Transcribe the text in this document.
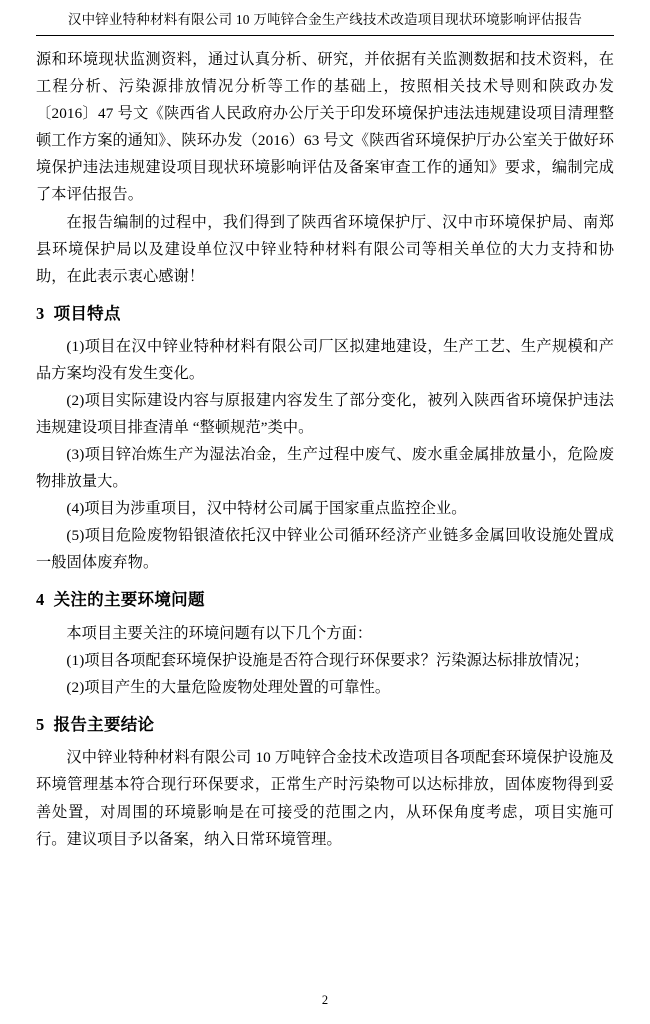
汉中锌业特种材料有限公司 10 万吨锌合金生产线技术改造项目现状环境影响评估报告

源和环境现状监测资料，通过认真分析、研究，并依据有关监测数据和技术资料，在工程分析、污染源排放情况分析等工作的基础上，按照相关技术导则和陕政办发〔2016〕47 号文《陕西省人民政府办公厅关于印发环境保护违法违规建设项目清理整顿工作方案的通知》、陕环办发（2016）63 号文《陕西省环境保护厅办公室关于做好环境保护违法违规建设项目现状环境影响评估及备案审查工作的通知》要求，编制完成了本评估报告。

在报告编制的过程中，我们得到了陕西省环境保护厅、汉中市环境保护局、南郑县环境保护局以及建设单位汉中锌业特种材料有限公司等相关单位的大力支持和协助，在此表示衷心感谢！

3 项目特点

(1)项目在汉中锌业特种材料有限公司厂区拟建地建设，生产工艺、生产规模和产品方案均没有发生变化。

(2)项目实际建设内容与原报建内容发生了部分变化，被列入陕西省环境保护违法违规建设项目排查清单 “整顿规范”类中。

(3)项目锌冶炼生产为湿法冶金，生产过程中废气、废水重金属排放量小，危险废物排放量大。

(4)项目为涉重项目，汉中特材公司属于国家重点监控企业。

(5)项目危险废物铅银渣依托汉中锌业公司循环经济产业链多金属回收设施处置成一般固体废弃物。

4 关注的主要环境问题

本项目主要关注的环境问题有以下几个方面：

(1)项目各项配套环境保护设施是否符合现行环保要求？污染源达标排放情况；

(2)项目产生的大量危险废物处理处置的可靠性。

5 报告主要结论

汉中锌业特种材料有限公司 10 万吨锌合金技术改造项目各项配套环境保护设施及环境管理基本符合现行环保要求，正常生产时污染物可以达标排放，固体废物得到妥善处置，对周围的环境影响是在可接受的范围之内，从环保角度考虑，项目实施可行。建议项目予以备案，纳入日常环境管理。

2
